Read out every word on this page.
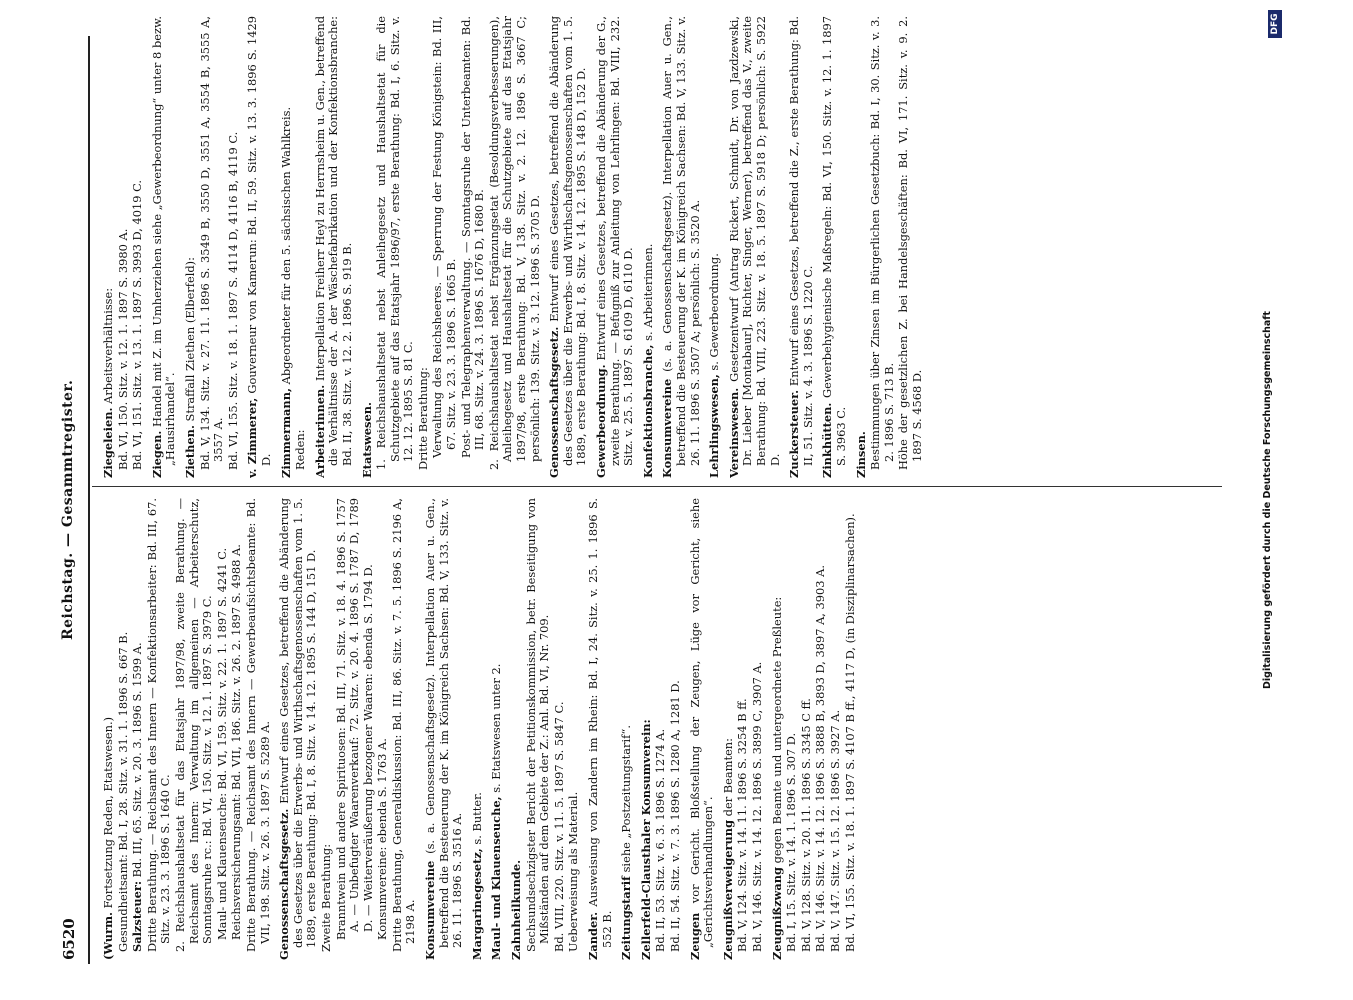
6520
Reichstag. — Gesammtregister.

(Wurm. Fortsetzung Reden, Etatswesen.) Gesundheitsamt: Bd. I, 28. Sitz. v. 31. 1. 1896 S. 667 B. Salzsteuer: Bd. III, 65. Sitz. v. 20. 3. 1896 S. 1599 A. Dritte Berathung. — Reichsamt des Innern — Konfektionsarbeiter: Bd. III, 67. Sitz. v. 23. 3. 1896 S. 1640 C. 2. Reichshaushaltsetat für das Etatsjahr 1897/98, zweite Berathung. — Reichsamt des Innern: Verwaltung im allgemeinen — Arbeiterschutz, Sonntagsruhe rc.: Bd. VI, 150. Sitz. v. 12. 1. 1897 S. 3979 C. Maul- und Klauenseuche: Bd. VI, 159. Sitz. v. 22. 1. 1897 S. 4241 C. Reichsversicherungsamt: Bd. VII, 186. Sitz. v. 26. 2. 1897 S. 4988 A. Dritte Berathung. — Reichsamt des Innern — Gewerbeaufsichtsbeamte: Bd. VII, 198. Sitz. v. 26. 3. 1897 S. 5289 A. Genossenschaftsgesetz. Entwurf eines Gesetzes, betreffend die Abänderung des Gesetzes über die Erwerbs- und Wirthschaftsgenossenschaften vom 1. 5. 1889, erste Berathung: Bd. I, 8. Sitz. v. 14. 12. 1895 S. 144 D, 151 D. Zweite Berathung: Branntwein und andere Spirituosen: Bd. III, 71. Sitz. v. 18. 4. 1896 S. 1757 A. — Unbefugter Waarenverkauf: 72. Sitz. v. 20. 4. 1896 S. 1787 D, 1789 D. — Weiterveräußerung bezogener Waaren: ebenda S. 1794 D. Konsumvereine: ebenda S. 1763 A. Dritte Berathung, Generaldiskussion: Bd. III, 86. Sitz. v. 7. 5. 1896 S. 2196 A, 2198 A. Konsumvereine (s. a. Genossenschaftsgesetz). Interpellation Auer u. Gen., betreffend die Besteuerung der K. im Königreich Sachsen: Bd. V, 133. Sitz. v. 26. 11. 1896 S. 3516 A. Margarinegesetz, s. Butter. Maul- und Klauenseuche, s. Etatswesen unter 2.

Zahnheilkunde. Sechsundsechzigster Bericht der Petitionskommission, betr. Beseitigung von Mißständen auf dem Gebiete der Z.: Anl. Bd. VI, Nr. 709. Bd. VIII, 220. Sitz. v. 11. 5. 1897 S. 5847 C. Ueberweisung als Material. Zander. Ausweisung von Zandern im Rhein: Bd. I, 24. Sitz. v. 25. 1. 1896 S. 552 B. Zeitungstarif siehe „Postzeitungstarif“. Zellerfeld-Clausthaler Konsumverein: Bd. II, 53. Sitz. v. 6. 3. 1896 S. 1274 A. Bd. II, 54. Sitz. v. 7. 3. 1896 S. 1280 A, 1281 D. Zeugen vor Gericht. Bloßstellung der Zeugen, Lüge vor Gericht, siehe „Gerichtsverhandlungen“. Zeugnißverweigerung der Beamten: Bd. V, 124. Sitz. v. 14. 11. 1896 S. 3254 B ff. Bd. V, 146. Sitz. v. 14. 12. 1896 S. 3899 C, 3907 A. Zeugnißzwang gegen Beamte und untergeordnete Preßleute: Bd. I, 15. Sitz. v. 14. 1. 1896 S. 307 D. Bd. V, 128. Sitz. v. 20. 11. 1896 S. 3345 C ff. Bd. V, 146. Sitz. v. 14. 12. 1896 S. 3888 B, 3893 D, 3897 A, 3903 A. Bd. V, 147. Sitz. v. 15. 12. 1896 S. 3927 A. Bd. VI, 155. Sitz. v. 18. 1. 1897 S. 4107 B ff., 4117 D, (in Disziplinarsachen).

Ziegeleien. Arbeitsverhältnisse: Bd. VI, 150. Sitz. v. 12. 1. 1897 S. 3980 A. Bd. VI, 151. Sitz. v. 13. 1. 1897 S. 3993 D, 4019 C. Ziegen. Handel mit Z. im Umherziehen siehe „Gewerbeordnung“ unter 8 bezw. „Hausirhandel“. Ziethen. Straffall Ziethen (Elberfeld): Bd. V, 134. Sitz. v. 27. 11. 1896 S. 3549 B, 3550 D, 3551 A, 3554 B, 3555 A, 3557 A. Bd. VI, 155. Sitz. v. 18. 1. 1897 S. 4114 D, 4116 B, 4119 C. v. Zimmerer, Gouverneur von Kamerun: Bd. II, 59. Sitz. v. 13. 3. 1896 S. 1429 D. Zimmermann, Abgeordneter für den 5. sächsischen Wahlkreis.

Reden: Arbeiterinnen. Interpellation Freiherr Heyl zu Herrnsheim u. Gen., betreffend die Verhältnisse der A. der Wäschefabrikation und der Konfektionsbranche: Bd. II, 38. Sitz. v. 12. 2. 1896 S. 919 B. Etatswesen. 1. Reichshaushaltsetat nebst Anleihegesetz und Haushaltsetat für die Schutzgebiete auf das Etatsjahr 1896/97, erste Berathung: Bd. I, 6. Sitz. v. 12. 12. 1895 S. 81 C. Dritte Berathung: Verwaltung des Reichsheeres. — Sperrung der Festung Königstein: Bd. III, 67. Sitz. v. 23. 3. 1896 S. 1665 B. Post- und Telegraphenverwaltung. — Sonntagsruhe der Unterbeamten: Bd. III, 68. Sitz. v. 24. 3. 1896 S. 1676 D, 1680 B. 2. Reichshaushaltsetat nebst Ergänzungsetat (Besoldungsverbesserungen), Anleihegesetz und Haushaltsetat für die Schutzgebiete auf das Etatsjahr 1897/98, erste Berathung: Bd. V, 138. Sitz. v. 2. 12. 1896 S. 3667 C; persönlich: 139. Sitz. v. 3. 12. 1896 S. 3705 D. Genossenschaftsgesetz. Entwurf eines Gesetzes, betreffend die Abänderung des Gesetzes über die Erwerbs- und Wirthschaftsgenossenschaften vom 1. 5. 1889, erste Berathung: Bd. I, 8. Sitz. v. 14. 12. 1895 S. 148 D, 152 D. Gewerbeordnung. Entwurf eines Gesetzes, betreffend die Abänderung der G., zweite Berathung. — Befugniß zur Anleitung von Lehrlingen: Bd. VIII, 232. Sitz. v. 25. 5. 1897 S. 6109 D, 6110 D. Konfektionsbranche, s. Arbeiterinnen.

Konsumvereine (s. a. Genossenschaftsgesetz). Interpellation Auer u. Gen., betreffend die Besteuerung der K. im Königreich Sachsen: Bd. V, 133. Sitz. v. 26. 11. 1896 S. 3507 A; persönlich: S. 3520 A. Lehrlingswesen, s. Gewerbeordnung.

Vereinswesen. Gesetzentwurf (Antrag Rickert, Schmidt, Dr. von Jazdzewski, Dr. Lieber [Montabaur], Richter, Singer, Werner), betreffend das V., zweite Berathung: Bd. VIII, 223. Sitz. v. 18. 5. 1897 S. 5918 D; persönlich: S. 5922 D. Zuckersteuer. Entwurf eines Gesetzes, betreffend die Z., erste Berathung: Bd. II, 51. Sitz. v. 4. 3. 1896 S. 1220 C. Zinkhütten. Gewerbehygienische Maßregeln: Bd. VI, 150. Sitz. v. 12. 1. 1897 S. 3963 C. Zinsen. Bestimmungen über Zinsen im Bürgerlichen Gesetzbuch: Bd. I, 30. Sitz. v. 3. 2. 1896 S. 713 B. Höhe der gesetzlichen Z. bei Handelsgeschäften: Bd. VI, 171. Sitz. v. 9. 2. 1897 S. 4568 D.	Digitalisierung gefördert durch die Deutsche Forschungsgemeinschaft
DFG
